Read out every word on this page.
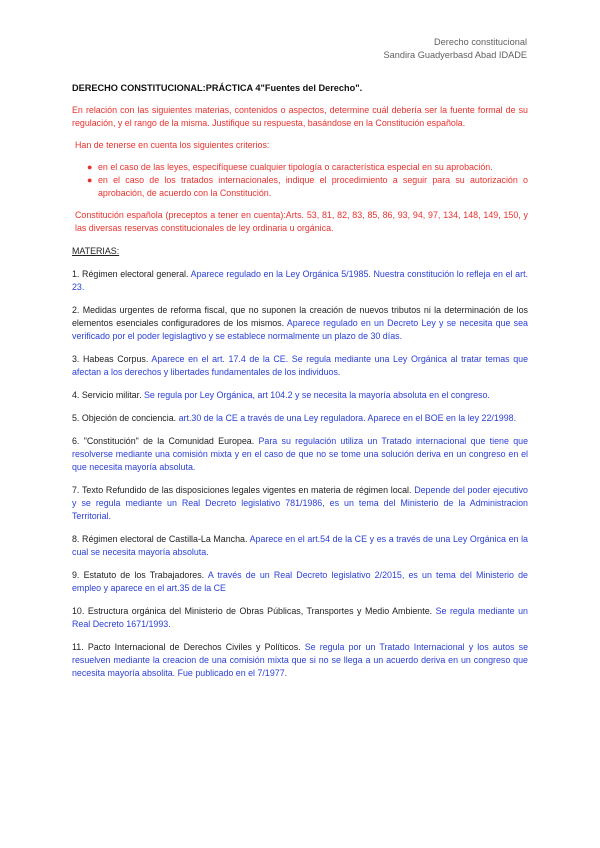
Derecho constitucional
Sandira Guadyerbasd Abad IDADE
DERECHO CONSTITUCIONAL:PRÁCTICA 4"Fuentes del Derecho".
En relación con las siguientes materias, contenidos o aspectos, determine cuál debería ser la fuente formal de su regulación, y el rango de la misma. Justifique su respuesta, basándose en la Constitución española.
Han de tenerse en cuenta los siguientes criterios:
● en el caso de las leyes, especifíquese cualquier tipología o característica especial en su aprobación.
● en el caso de los tratados internacionales, indique el procedimiento a seguir para su autorización o aprobación, de acuerdo con la Constitución.
Constitución española (preceptos a tener en cuenta):Arts. 53, 81, 82, 83, 85, 86, 93, 94, 97, 134, 148, 149, 150, y las diversas reservas constitucionales de ley ordinaria u orgánica.
MATERIAS:
1. Régimen electoral general. Aparece regulado en la Ley Orgánica 5/1985. Nuestra constitución lo refleja en el art. 23.
2. Medidas urgentes de reforma fiscal, que no suponen la creación de nuevos tributos ni la determinación de los elementos esenciales configuradores de los mismos. Aparece regulado en un Decreto Ley y se necesita que sea verificado por el poder legislagtivo y se establece normalmente un plazo de 30 días.
3. Habeas Corpus. Aparece en el art. 17.4 de la CE. Se regula mediante una Ley Orgánica al tratar temas que afectan a los derechos y libertades fundamentales de los individuos.
4. Servicio militar. Se regula por Ley Orgánica, art 104.2 y se necesita la mayoría absoluta en el congreso.
5. Objeción de conciencia. art.30 de la CE a través de una Ley reguladora. Aparece en el BOE en la ley 22/1998.
6. "Constitución" de la Comunidad Europea. Para su regulación utiliza un Tratado internacional que tiene que resolverse mediante una comisión mixta y en el caso de que no se tome una solución deriva en un congreso en el que necesita mayoría absoluta.
7. Texto Refundido de las disposiciones legales vigentes en materia de régimen local. Depende del poder ejecutivo y se regula mediante un Real Decreto legislativo 781/1986, es un tema del Ministerio de la Administracion Territorial.
8. Régimen electoral de Castilla-La Mancha. Aparece en el art.54 de la CE y es a través de una Ley Orgánica en la cual se necesita mayoría absoluta.
9. Estatuto de los Trabajadores. A través de un Real Decreto legislativo 2/2015, es un tema del Ministerio de empleo y aparece en el art.35 de la CE
10. Estructura orgánica del Ministerio de Obras Públicas, Transportes y Medio Ambiente. Se regula mediante un Real Decreto 1671/1993.
11. Pacto Internacional de Derechos Civiles y Políticos. Se regula por un Tratado Internacional y los autos se resuelven mediante la creacion de una comisión mixta que si no se llega a un acuerdo deriva en un congreso que necesita mayoría absolita. Fue publicado en el 7/1977.
